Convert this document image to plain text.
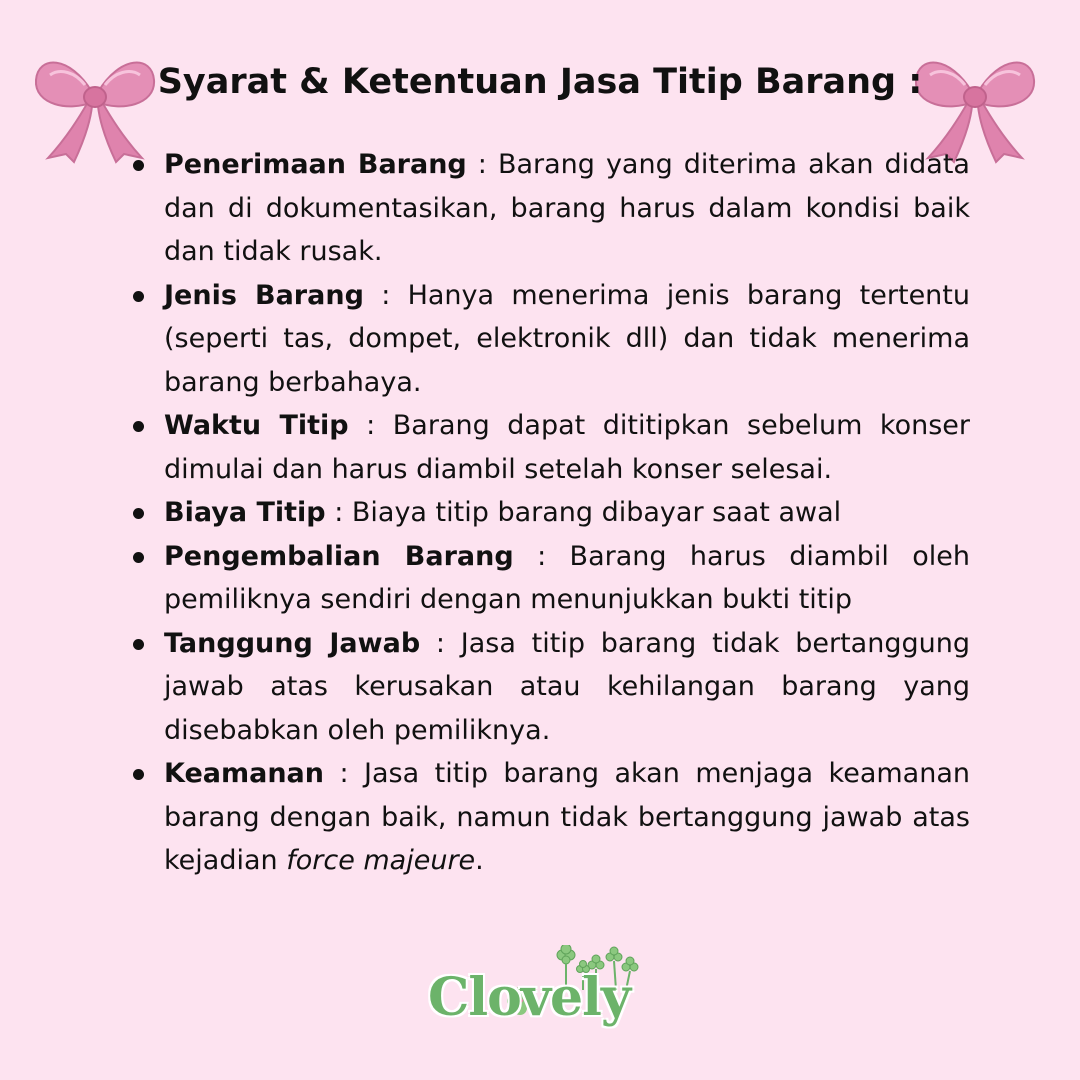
Syarat & Ketentuan Jasa Titip Barang :
Penerimaan Barang : Barang yang diterima akan didata dan di dokumentasikan, barang harus dalam kondisi baik dan tidak rusak.
Jenis Barang : Hanya menerima jenis barang tertentu (seperti tas, dompet, elektronik dll) dan tidak menerima barang berbahaya.
Waktu Titip : Barang dapat dititipkan sebelum konser dimulai dan harus diambil setelah konser selesai.
Biaya Titip : Biaya titip barang dibayar saat awal
Pengembalian Barang : Barang harus diambil oleh pemiliknya sendiri dengan menunjukkan bukti titip
Tanggung Jawab : Jasa titip barang tidak bertanggung jawab atas kerusakan atau kehilangan barang yang disebabkan oleh pemiliknya.
Keamanan : Jasa titip barang akan menjaga keamanan barang dengan baik, namun tidak bertanggung jawab atas kejadian force majeure.
Clovely
